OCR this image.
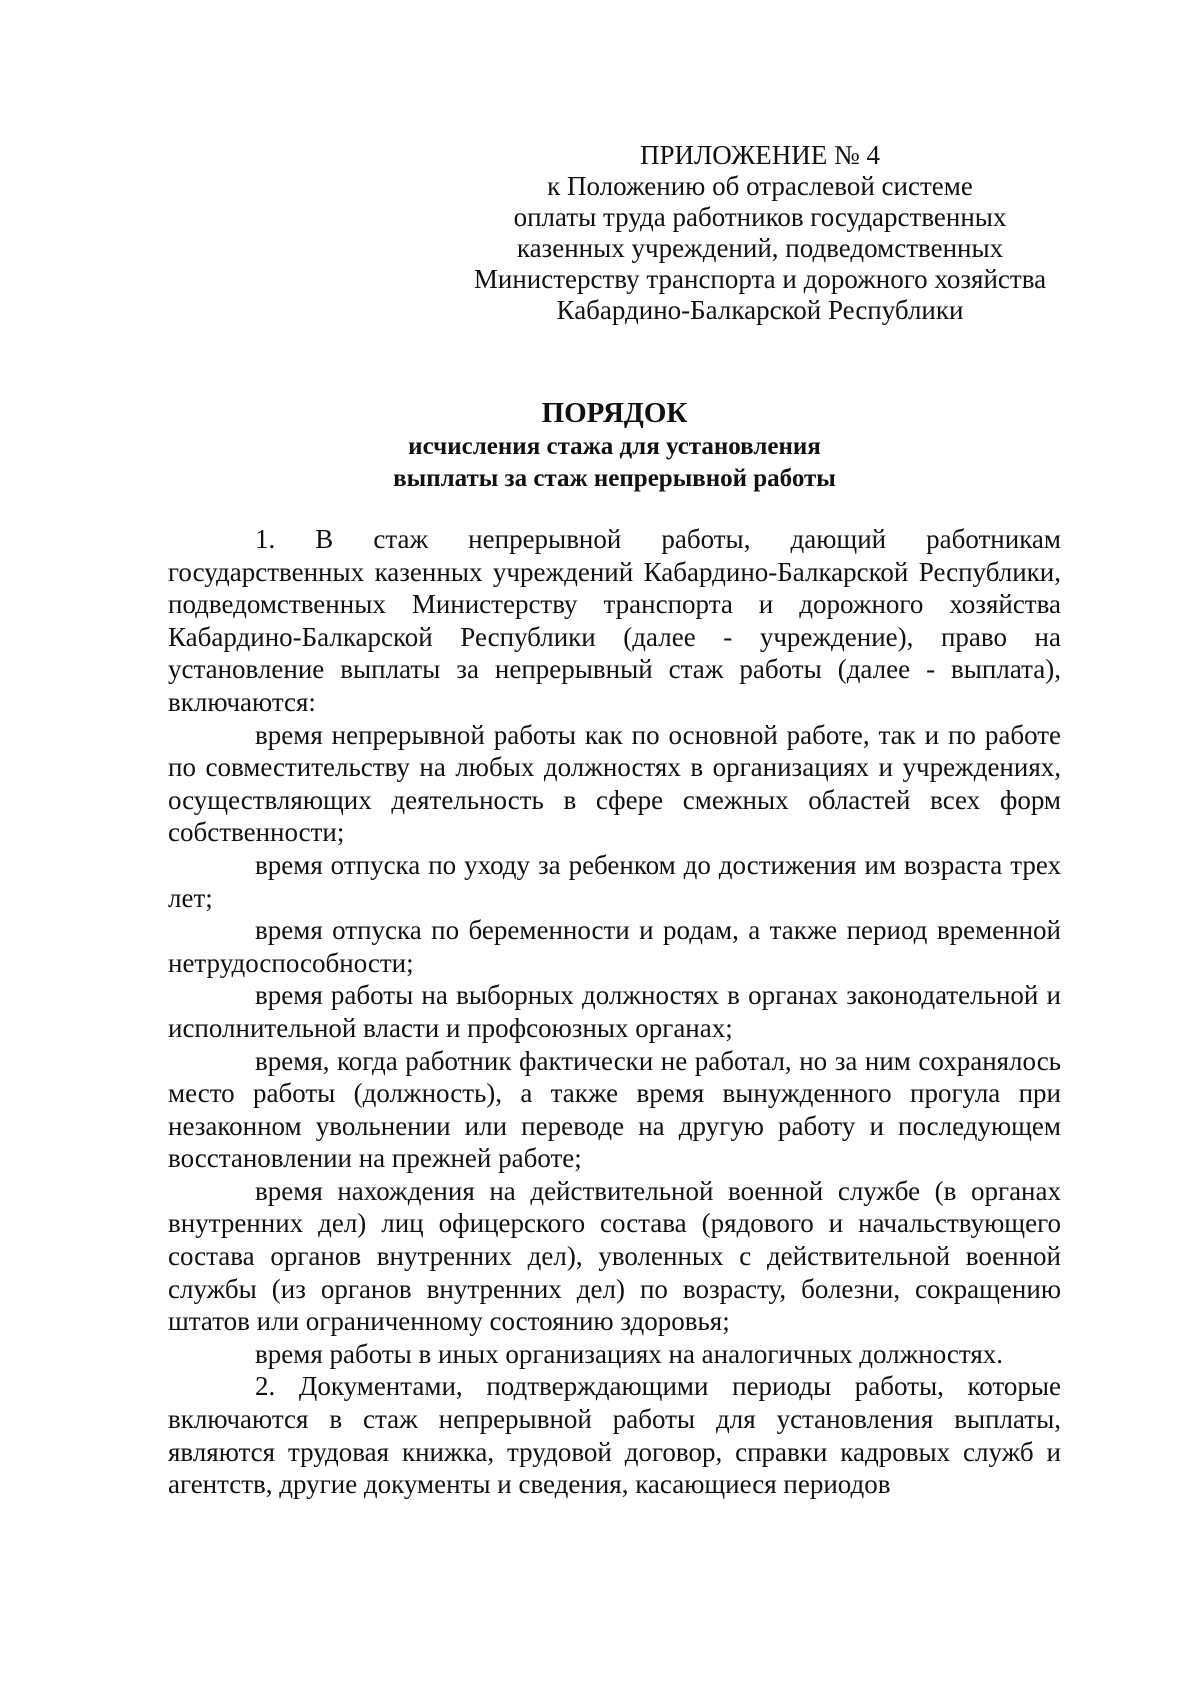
ПРИЛОЖЕНИЕ № 4
к Положению об отраслевой системе
оплаты труда работников государственных
казенных учреждений, подведомственных
Министерству транспорта и дорожного хозяйства
Кабардино-Балкарской Республики
ПОРЯДОК
исчисления стажа для установления
выплаты за стаж непрерывной работы

1. В стаж непрерывной работы, дающий работникам государственных казенных учреждений Кабардино-Балкарской Республики, подведомственных Министерству транспорта и дорожного хозяйства Кабардино-Балкарской Республики (далее - учреждение), право на установление выплаты за непрерывный стаж работы (далее - выплата), включаются:

время непрерывной работы как по основной работе, так и по работе по совместительству на любых должностях в организациях и учреждениях, осуществляющих деятельность в сфере смежных областей всех форм собственности;

время отпуска по уходу за ребенком до достижения им возраста трех лет;

время отпуска по беременности и родам, а также период временной нетрудоспособности;

время работы на выборных должностях в органах законодательной и исполнительной власти и профсоюзных органах;

время, когда работник фактически не работал, но за ним сохранялось место работы (должность), а также время вынужденного прогула при незаконном увольнении или переводе на другую работу и последующем восстановлении на прежней работе;

время нахождения на действительной военной службе (в органах внутренних дел) лиц офицерского состава (рядового и начальствующего состава органов внутренних дел), уволенных с действительной военной службы (из органов внутренних дел) по возрасту, болезни, сокращению штатов или ограниченному состоянию здоровья;

время работы в иных организациях на аналогичных должностях.

2. Документами, подтверждающими периоды работы, которые включаются в стаж непрерывной работы для установления выплаты, являются трудовая книжка, трудовой договор, справки кадровых служб и агентств, другие документы и сведения, касающиеся периодов
